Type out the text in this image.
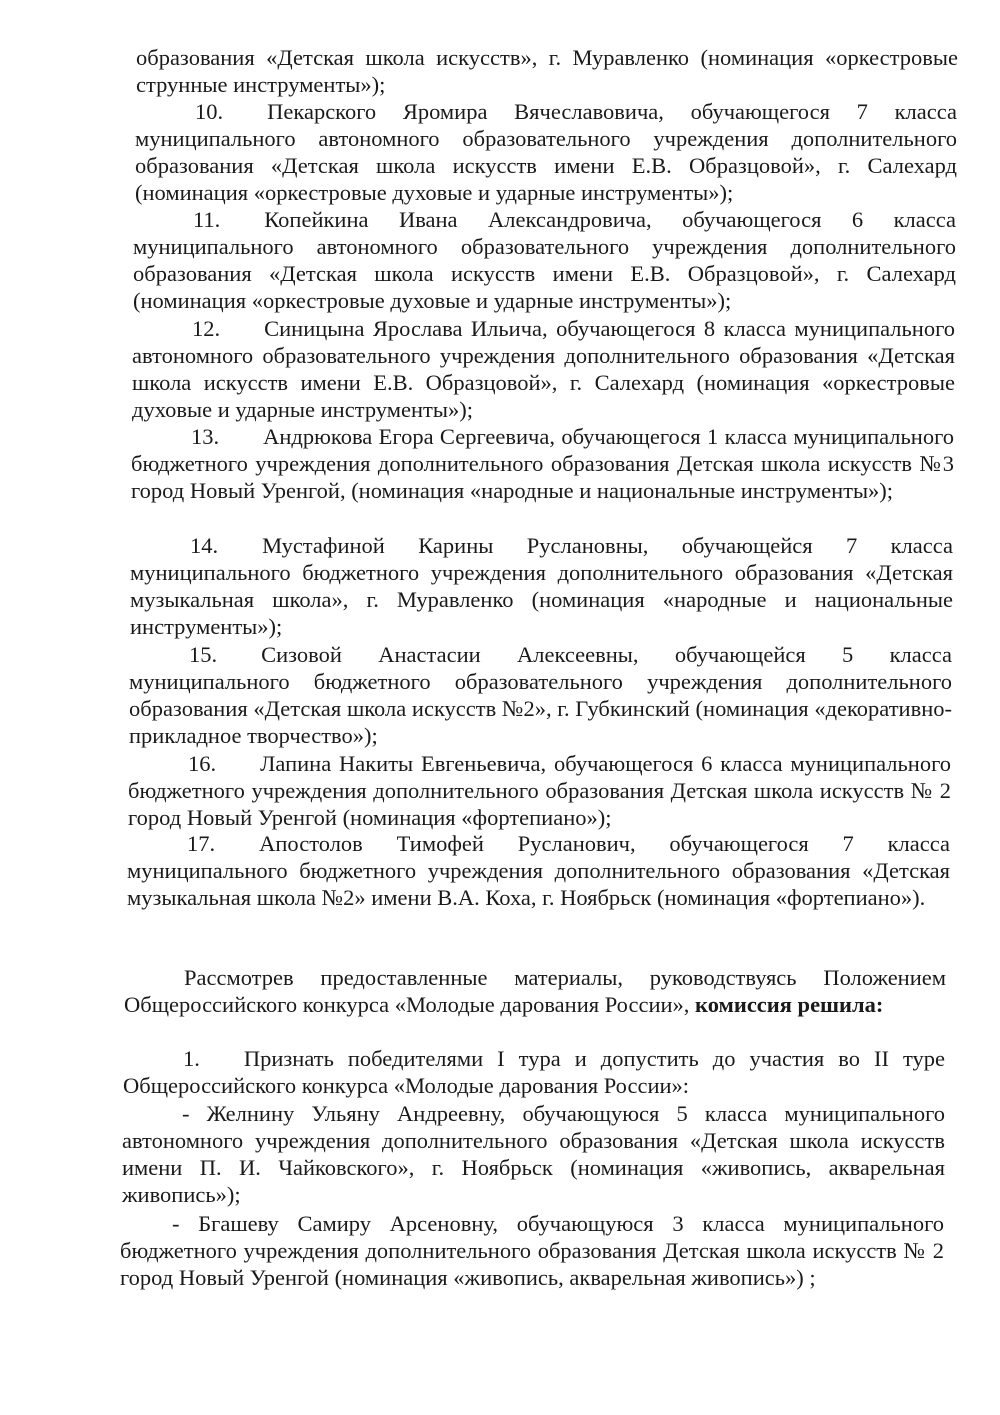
образования «Детская школа искусств», г. Муравленко (номинация «оркестровые струнные инструменты»);
10. Пекарского Яромира Вячеславовича, обучающегося 7 класса муниципального автономного образовательного учреждения дополнительного образования «Детская школа искусств имени Е.В. Образцовой», г. Салехард (номинация «оркестровые духовые и ударные инструменты»);
11. Копейкина Ивана Александровича, обучающегося 6 класса муниципального автономного образовательного учреждения дополнительного образования «Детская школа искусств имени Е.В. Образцовой», г. Салехард (номинация «оркестровые духовые и ударные инструменты»);
12. Синицына Ярослава Ильича, обучающегося 8 класса муниципального автономного образовательного учреждения дополнительного образования «Детская школа искусств имени Е.В. Образцовой», г. Салехард (номинация «оркестровые духовые и ударные инструменты»);
13. Андрюкова Егора Сергеевича, обучающегося 1 класса муниципального бюджетного учреждения дополнительного образования Детская школа искусств №3 город Новый Уренгой, (номинация «народные и национальные инструменты»);
14. Мустафиной Карины Руслановны, обучающейся 7 класса муниципального бюджетного учреждения дополнительного образования «Детская музыкальная школа», г. Муравленко (номинация «народные и национальные инструменты»);
15. Сизовой Анастасии Алексеевны, обучающейся 5 класса муниципального бюджетного образовательного учреждения дополнительного образования «Детская школа искусств №2», г. Губкинский (номинация «декоративно-прикладное творчество»);
16. Лапина Накиты Евгеньевича, обучающегося 6 класса муниципального бюджетного учреждения дополнительного образования Детская школа искусств № 2 город Новый Уренгой (номинация «фортепиано»);
17. Апостолов Тимофей Русланович, обучающегося 7 класса муниципального бюджетного учреждения дополнительного образования «Детская музыкальная школа №2» имени В.А. Коха, г. Ноябрьск (номинация «фортепиано»).
Рассмотрев предоставленные материалы, руководствуясь Положением Общероссийского конкурса «Молодые дарования России», комиссия решила:
1. Признать победителями I тура и допустить до участия во II туре Общероссийского конкурса «Молодые дарования России»:
- Желнину Ульяну Андреевну, обучающуюся 5 класса муниципального автономного учреждения дополнительного образования «Детская школа искусств имени П. И. Чайковского», г. Ноябрьск (номинация «живопись, акварельная живопись»);
- Бгашеву Самиру Арсеновну, обучающуюся 3 класса муниципального бюджетного учреждения дополнительного образования Детская школа искусств № 2 город Новый Уренгой (номинация «живопись, акварельная живопись») ;
